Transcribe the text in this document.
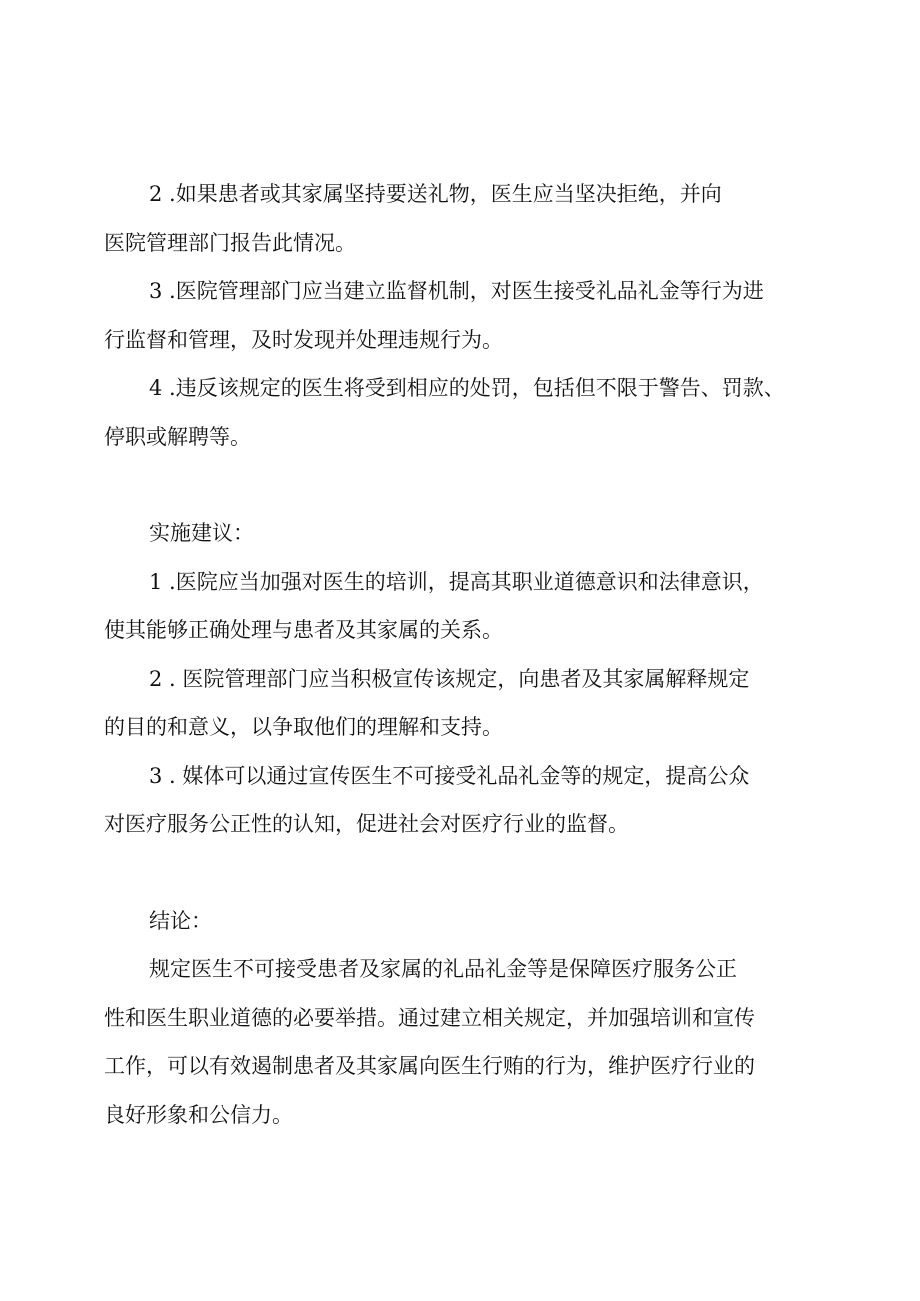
2 .如果患者或其家属坚持要送礼物，医生应当坚决拒绝，并向
医院管理部门报告此情况。
3 .医院管理部门应当建立监督机制，对医生接受礼品礼金等行为进
行监督和管理，及时发现并处理违规行为。
4 .违反该规定的医生将受到相应的处罚，包括但不限于警告、罚款、
停职或解聘等。
实施建议：
1 .医院应当加强对医生的培训，提高其职业道德意识和法律意识，
使其能够正确处理与患者及其家属的关系。
2 . 医院管理部门应当积极宣传该规定，向患者及其家属解释规定
的目的和意义，以争取他们的理解和支持。
3 . 媒体可以通过宣传医生不可接受礼品礼金等的规定，提高公众
对医疗服务公正性的认知，促进社会对医疗行业的监督。
结论：
规定医生不可接受患者及家属的礼品礼金等是保障医疗服务公正
性和医生职业道德的必要举措。通过建立相关规定，并加强培训和宣传
工作，可以有效遏制患者及其家属向医生行贿的行为，维护医疗行业的
良好形象和公信力。
